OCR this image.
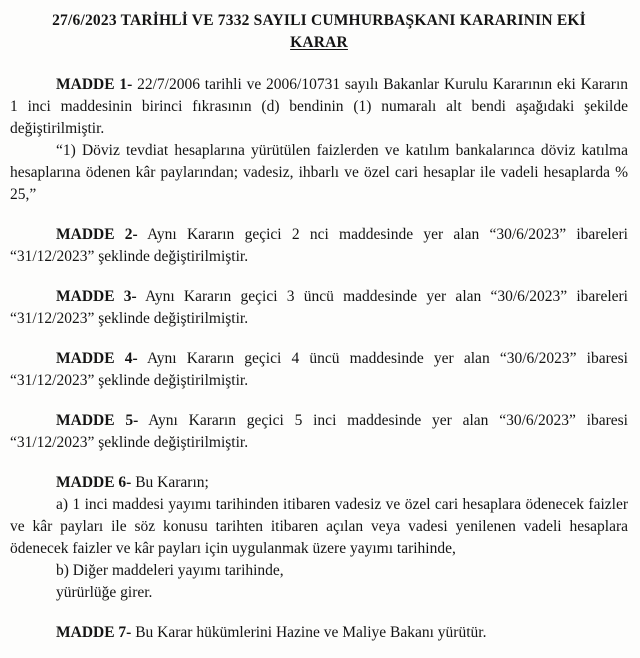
27/6/2023 TARİHLİ VE 7332 SAYILI CUMHURBAŞKANI KARARININ EKİ
KARAR

MADDE 1- 22/7/2006 tarihli ve 2006/10731 sayılı Bakanlar Kurulu Kararının eki Kararın 1 inci maddesinin birinci fıkrasının (d) bendinin (1) numaralı alt bendi aşağıdaki şekilde değiştirilmiştir.

“1) Döviz tevdiat hesaplarına yürütülen faizlerden ve katılım bankalarınca döviz katılma hesaplarına ödenen kâr paylarından; vadesiz, ihbarlı ve özel cari hesaplar ile vadeli hesaplarda % 25,”

MADDE 2- Aynı Kararın geçici 2 nci maddesinde yer alan “30/6/2023” ibareleri “31/12/2023” şeklinde değiştirilmiştir.

MADDE 3- Aynı Kararın geçici 3 üncü maddesinde yer alan “30/6/2023” ibareleri “31/12/2023” şeklinde değiştirilmiştir.

MADDE 4- Aynı Kararın geçici 4 üncü maddesinde yer alan “30/6/2023” ibaresi “31/12/2023” şeklinde değiştirilmiştir.

MADDE 5- Aynı Kararın geçici 5 inci maddesinde yer alan “30/6/2023” ibaresi “31/12/2023” şeklinde değiştirilmiştir.

MADDE 6- Bu Kararın;

a) 1 inci maddesi yayımı tarihinden itibaren vadesiz ve özel cari hesaplara ödenecek faizler ve kâr payları ile söz konusu tarihten itibaren açılan veya vadesi yenilenen vadeli hesaplara ödenecek faizler ve kâr payları için uygulanmak üzere yayımı tarihinde,

b) Diğer maddeleri yayımı tarihinde,

yürürlüğe girer.

MADDE 7- Bu Karar hükümlerini Hazine ve Maliye Bakanı yürütür.
